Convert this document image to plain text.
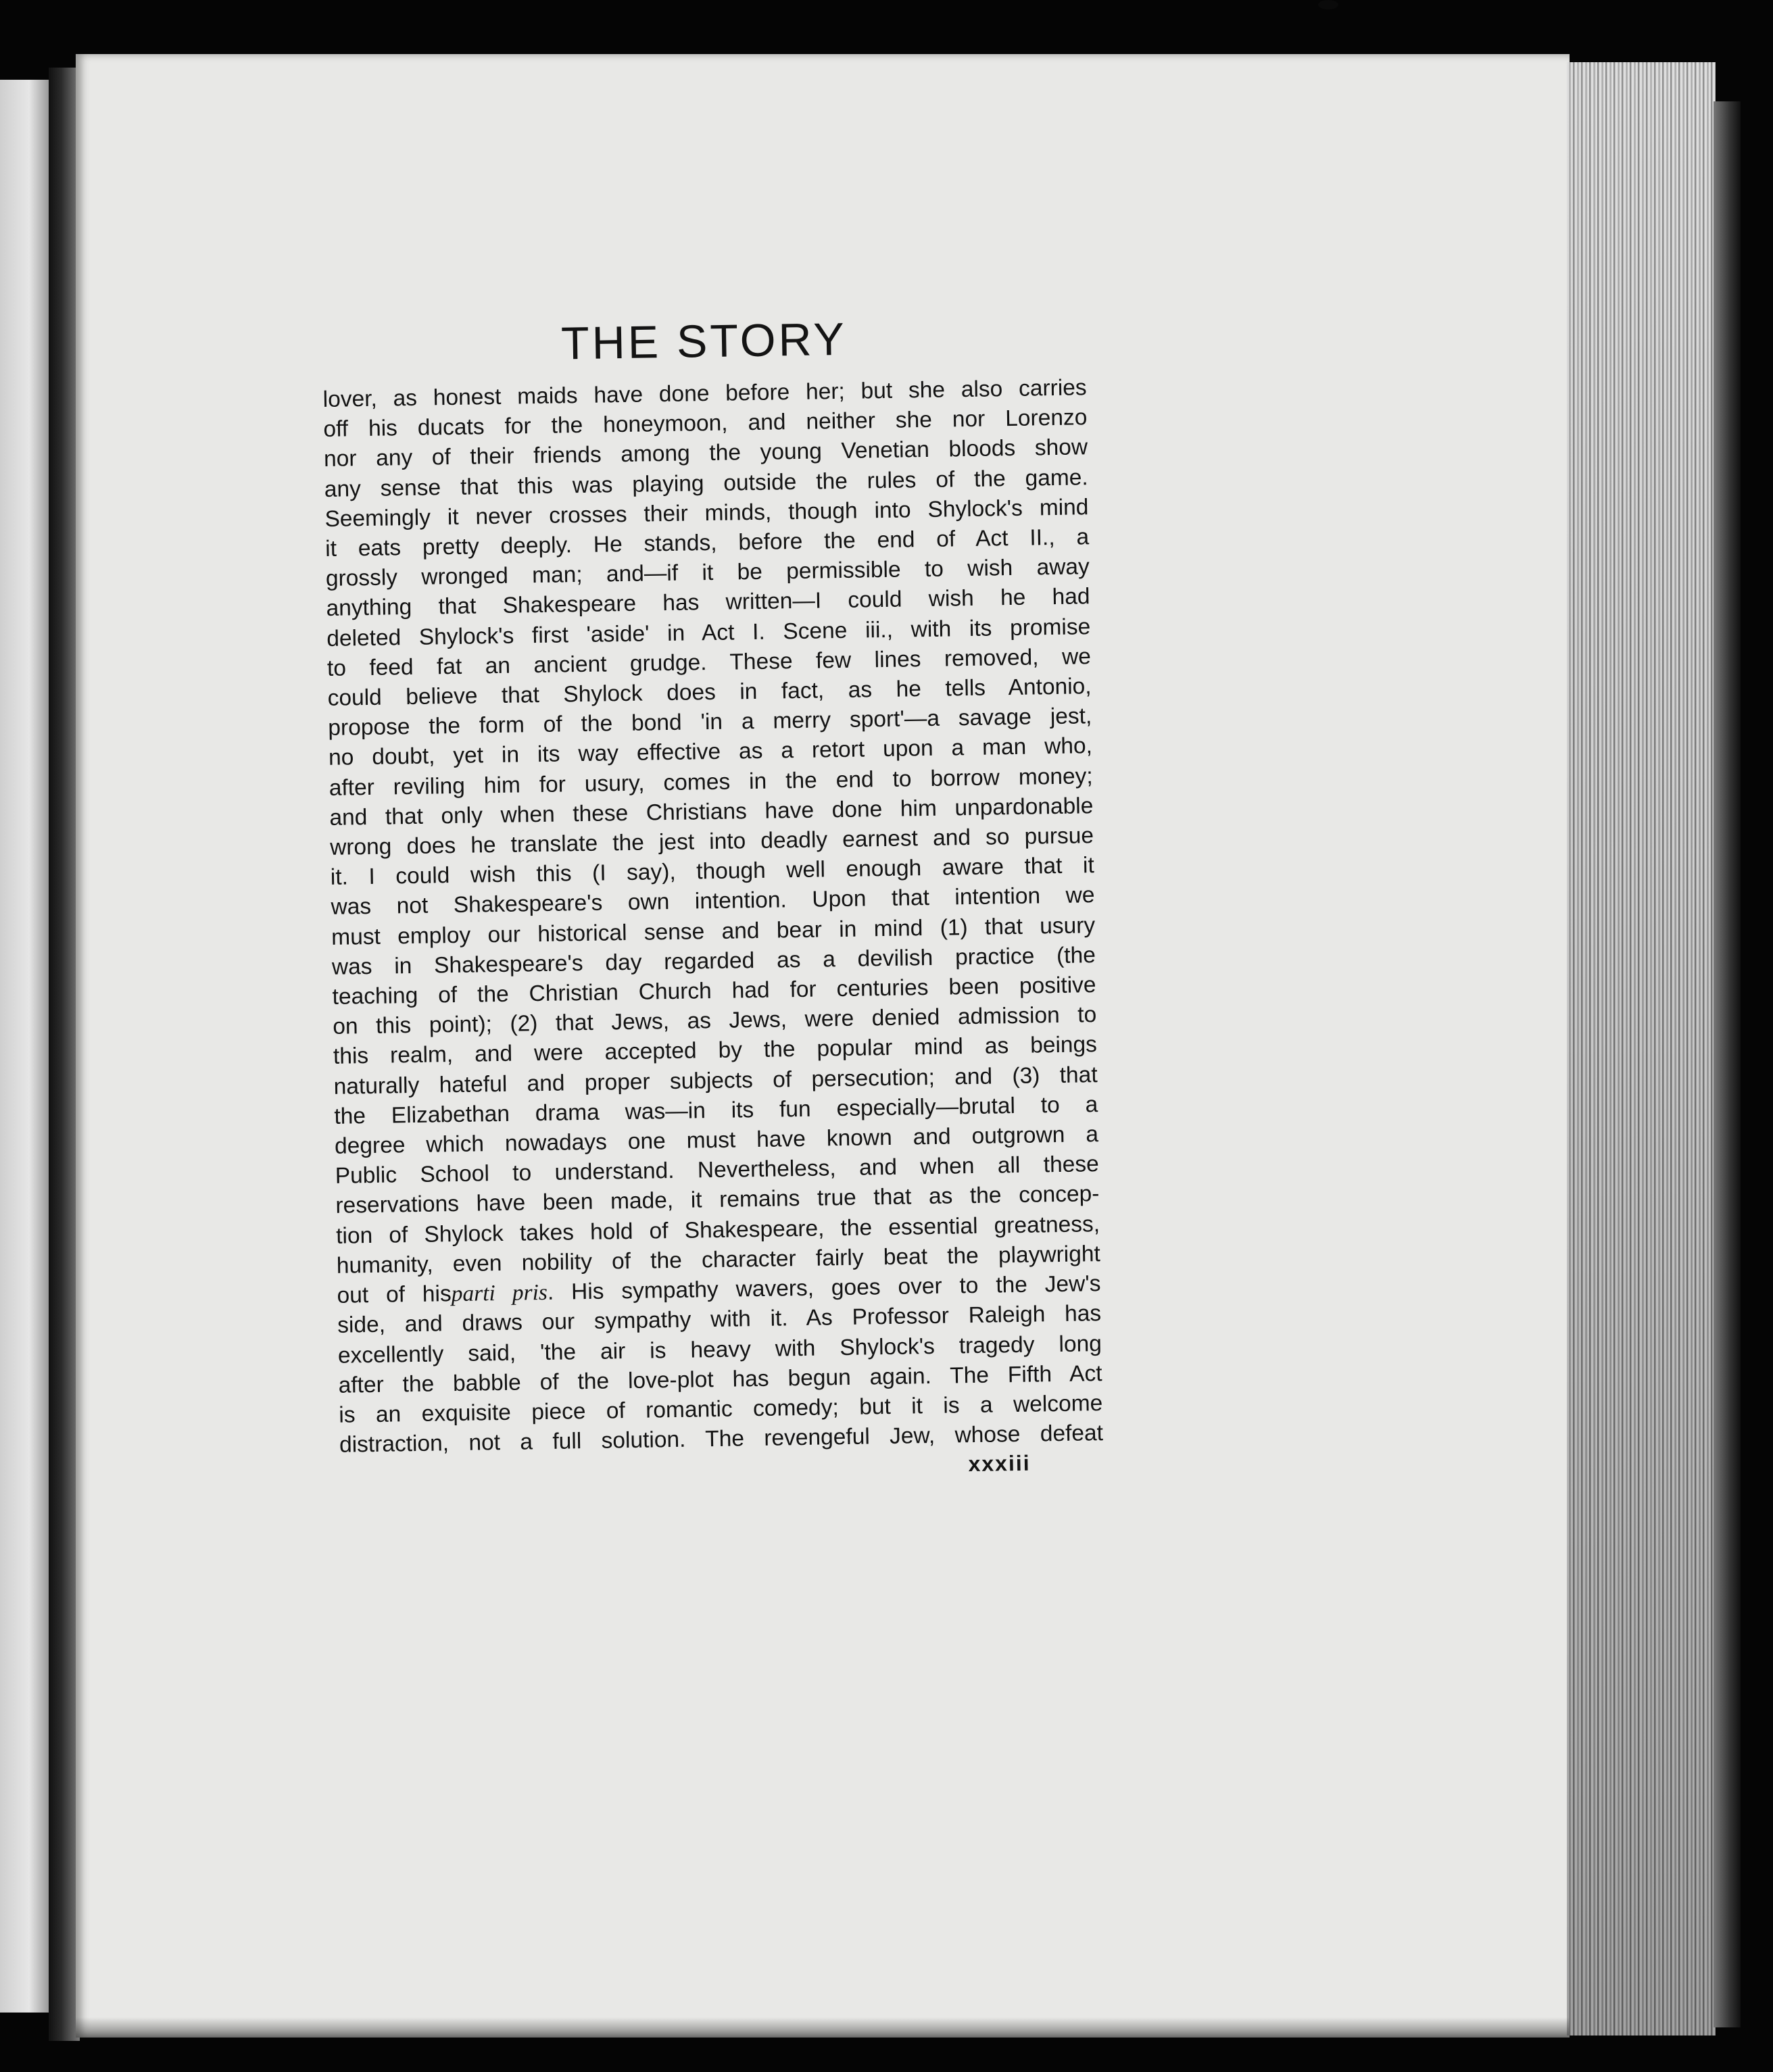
THE STORY
lover, as honest maids have done before her; but she also carries
off his ducats for the honeymoon, and neither she nor Lorenzo
nor any of their friends among the young Venetian bloods show
any sense that this was playing outside the rules of the game.
Seemingly it never crosses their minds, though into Shylock's mind
it eats pretty deeply. He stands, before the end of Act II., a
grossly wronged man; and—if it be permissible to wish away
anything that Shakespeare has written—I could wish he had
deleted Shylock's first 'aside' in Act I. Scene iii., with its promise
to feed fat an ancient grudge. These few lines removed, we
could believe that Shylock does in fact, as he tells Antonio,
propose the form of the bond 'in a merry sport'—a savage jest,
no doubt, yet in its way effective as a retort upon a man who,
after reviling him for usury, comes in the end to borrow money;
and that only when these Christians have done him unpardonable
wrong does he translate the jest into deadly earnest and so pursue
it. I could wish this (I say), though well enough aware that it
was not Shakespeare's own intention. Upon that intention we
must employ our historical sense and bear in mind (1) that usury
was in Shakespeare's day regarded as a devilish practice (the
teaching of the Christian Church had for centuries been positive
on this point); (2) that Jews, as Jews, were denied admission to
this realm, and were accepted by the popular mind as beings
naturally hateful and proper subjects of persecution; and (3) that
the Elizabethan drama was—in its fun especially—brutal to a
degree which nowadays one must have known and outgrown a
Public School to understand. Nevertheless, and when all these
reservations have been made, it remains true that as the concep-
tion of Shylock takes hold of Shakespeare, the essential greatness,
humanity, even nobility of the character fairly beat the playwright
out of hisparti pris. His sympathy wavers, goes over to the Jew's
side, and draws our sympathy with it. As Professor Raleigh has
excellently said, 'the air is heavy with Shylock's tragedy long
after the babble of the love-plot has begun again. The Fifth Act
is an exquisite piece of romantic comedy; but it is a welcome
distraction, not a full solution. The revengeful Jew, whose defeat
xxxiii
